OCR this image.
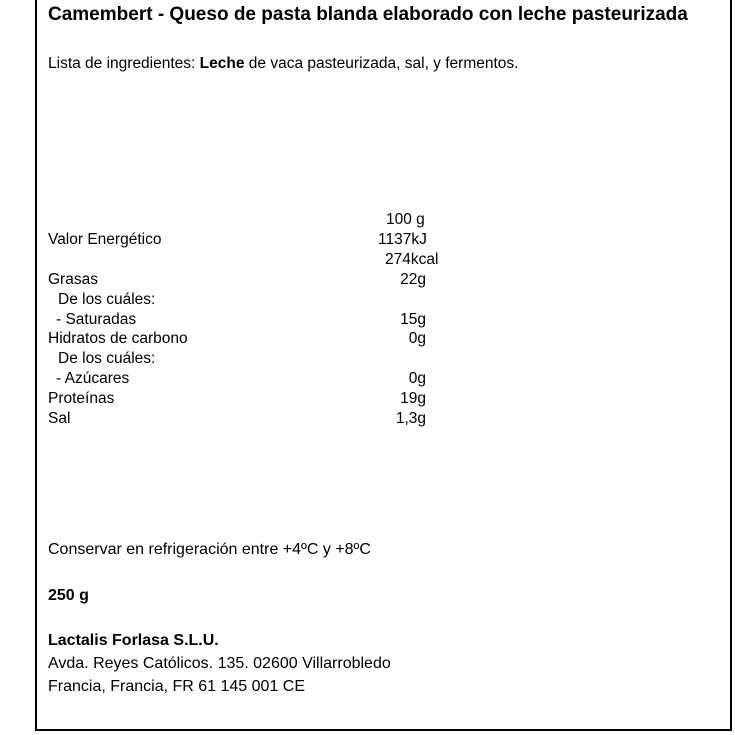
Camembert - Queso de pasta blanda elaborado con leche pasteurizada
Lista de ingredientes: Leche de vaca pasteurizada, sal, y fermentos.
100 g
Valor Energético	1137kJ
274kcal
Grasas	22g
De los cuáles:
- Saturadas	15g
Hidratos de carbono	0g
De los cuáles:
- Azúcares	0g
Proteínas	19g
Sal	1,3g
Conservar en refrigeración entre +4ºC y +8ºC
250 g
Lactalis Forlasa S.L.U.
Avda. Reyes Católicos. 135. 02600 Villarrobledo
Francia, Francia, FR 61 145 001 CE
